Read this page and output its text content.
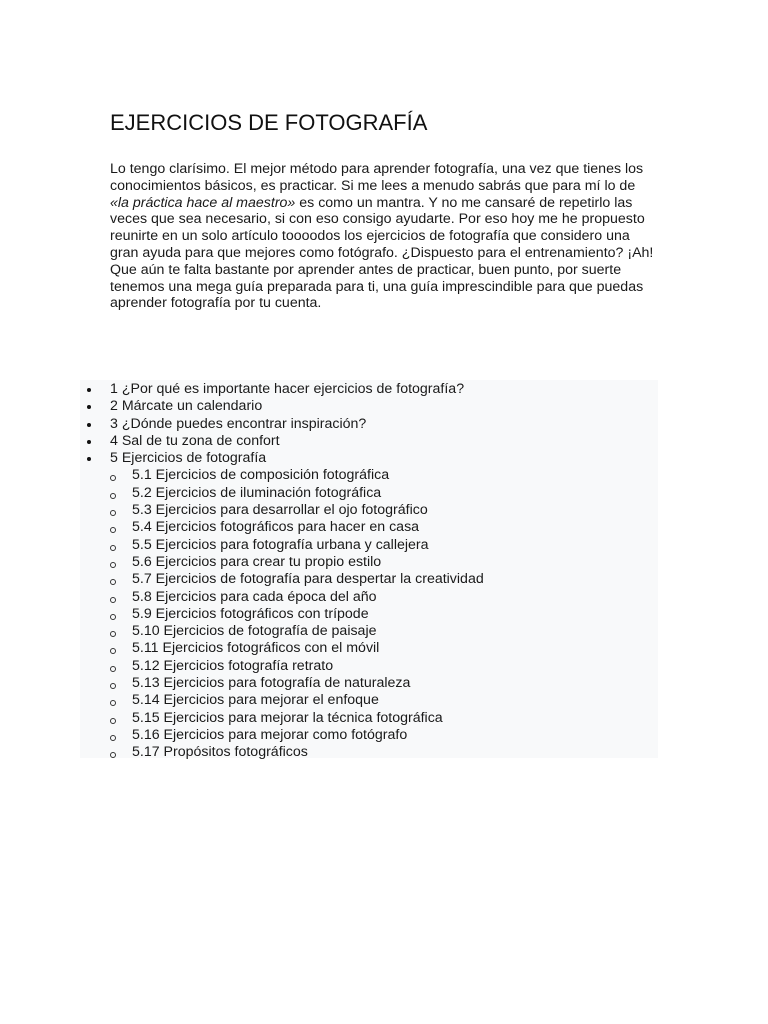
EJERCICIOS DE FOTOGRAFÍA

Lo tengo clarísimo. El mejor método para aprender fotografía, una vez que tienes los conocimientos básicos, es practicar. Si me lees a menudo sabrás que para mí lo de «la práctica hace al maestro» es como un mantra. Y no me cansaré de repetirlo las veces que sea necesario, si con eso consigo ayudarte. Por eso hoy me he propuesto reunirte en un solo artículo toooodos los ejercicios de fotografía que considero una gran ayuda para que mejores como fotógrafo. ¿Dispuesto para el entrenamiento? ¡Ah! Que aún te falta bastante por aprender antes de practicar, buen punto, por suerte tenemos una mega guía preparada para ti, una guía imprescindible para que puedas aprender fotografía por tu cuenta.

1 ¿Por qué es importante hacer ejercicios de fotografía?
2 Márcate un calendario
3 ¿Dónde puedes encontrar inspiración?
4 Sal de tu zona de confort
5 Ejercicios de fotografía
5.1 Ejercicios de composición fotográfica
5.2 Ejercicios de iluminación fotográfica
5.3 Ejercicios para desarrollar el ojo fotográfico
5.4 Ejercicios fotográficos para hacer en casa
5.5 Ejercicios para fotografía urbana y callejera
5.6 Ejercicios para crear tu propio estilo
5.7 Ejercicios de fotografía para despertar la creatividad
5.8 Ejercicios para cada época del año
5.9 Ejercicios fotográficos con trípode
5.10 Ejercicios de fotografía de paisaje
5.11 Ejercicios fotográficos con el móvil
5.12 Ejercicios fotografía retrato
5.13 Ejercicios para fotografía de naturaleza
5.14 Ejercicios para mejorar el enfoque
5.15 Ejercicios para mejorar la técnica fotográfica
5.16 Ejercicios para mejorar como fotógrafo
5.17 Propósitos fotográficos
